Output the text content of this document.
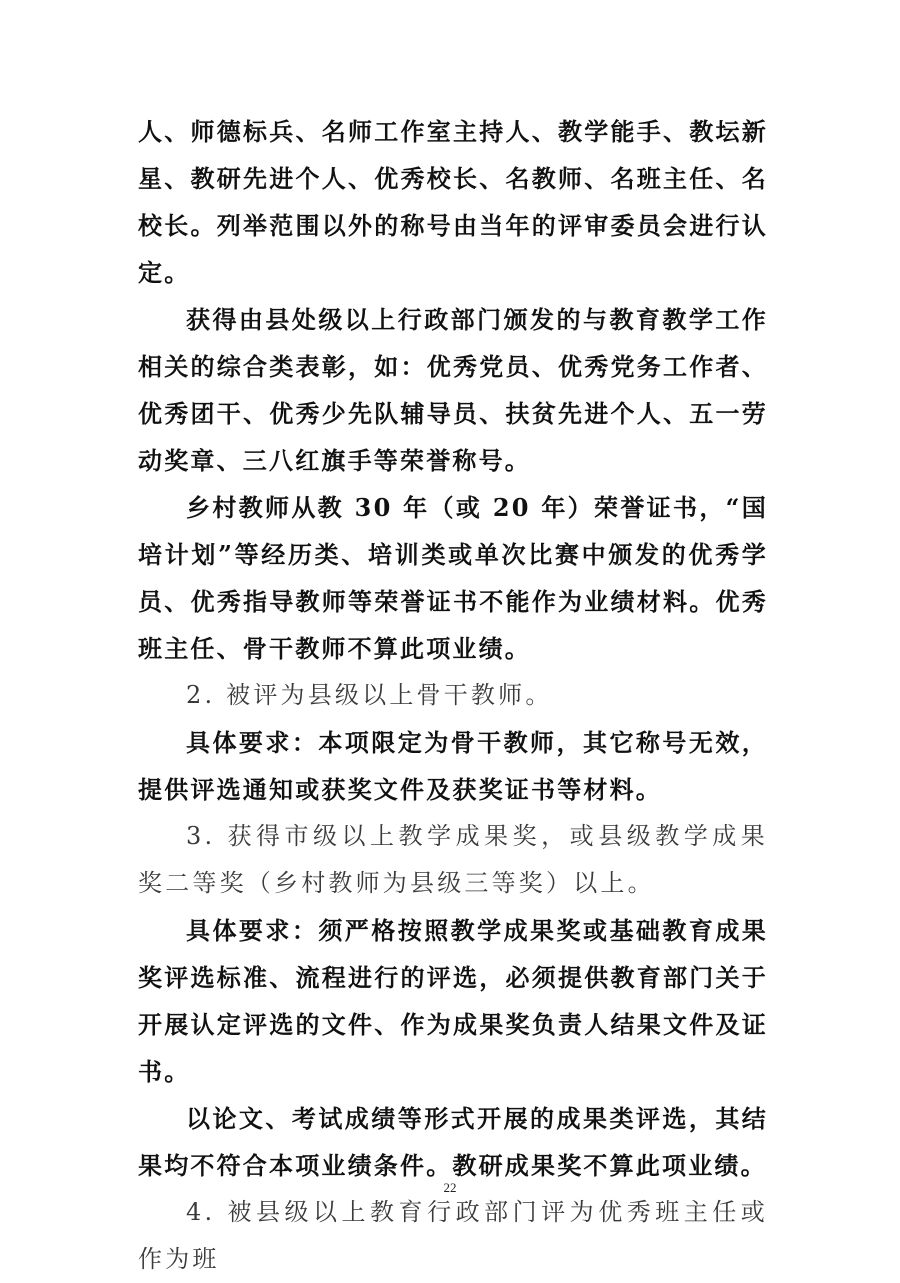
人、师德标兵、名师工作室主持人、教学能手、教坛新星、教研先进个人、优秀校长、名教师、名班主任、名校长。列举范围以外的称号由当年的评审委员会进行认定。

获得由县处级以上行政部门颁发的与教育教学工作相关的综合类表彰，如：优秀党员、优秀党务工作者、优秀团干、优秀少先队辅导员、扶贫先进个人、五一劳动奖章、三八红旗手等荣誉称号。

乡村教师从教 30 年（或 20 年）荣誉证书，“国培计划”等经历类、培训类或单次比赛中颁发的优秀学员、优秀指导教师等荣誉证书不能作为业绩材料。优秀班主任、骨干教师不算此项业绩。

2. 被评为县级以上骨干教师。

具体要求：本项限定为骨干教师，其它称号无效，提供评选通知或获奖文件及获奖证书等材料。

3. 获得市级以上教学成果奖，或县级教学成果奖二等奖（乡村教师为县级三等奖）以上。

具体要求：须严格按照教学成果奖或基础教育成果奖评选标准、流程进行的评选，必须提供教育部门关于开展认定评选的文件、作为成果奖负责人结果文件及证书。

以论文、考试成绩等形式开展的成果类评选，其结果均不符合本项业绩条件。教研成果奖不算此项业绩。

4. 被县级以上教育行政部门评为优秀班主任或作为班

22
